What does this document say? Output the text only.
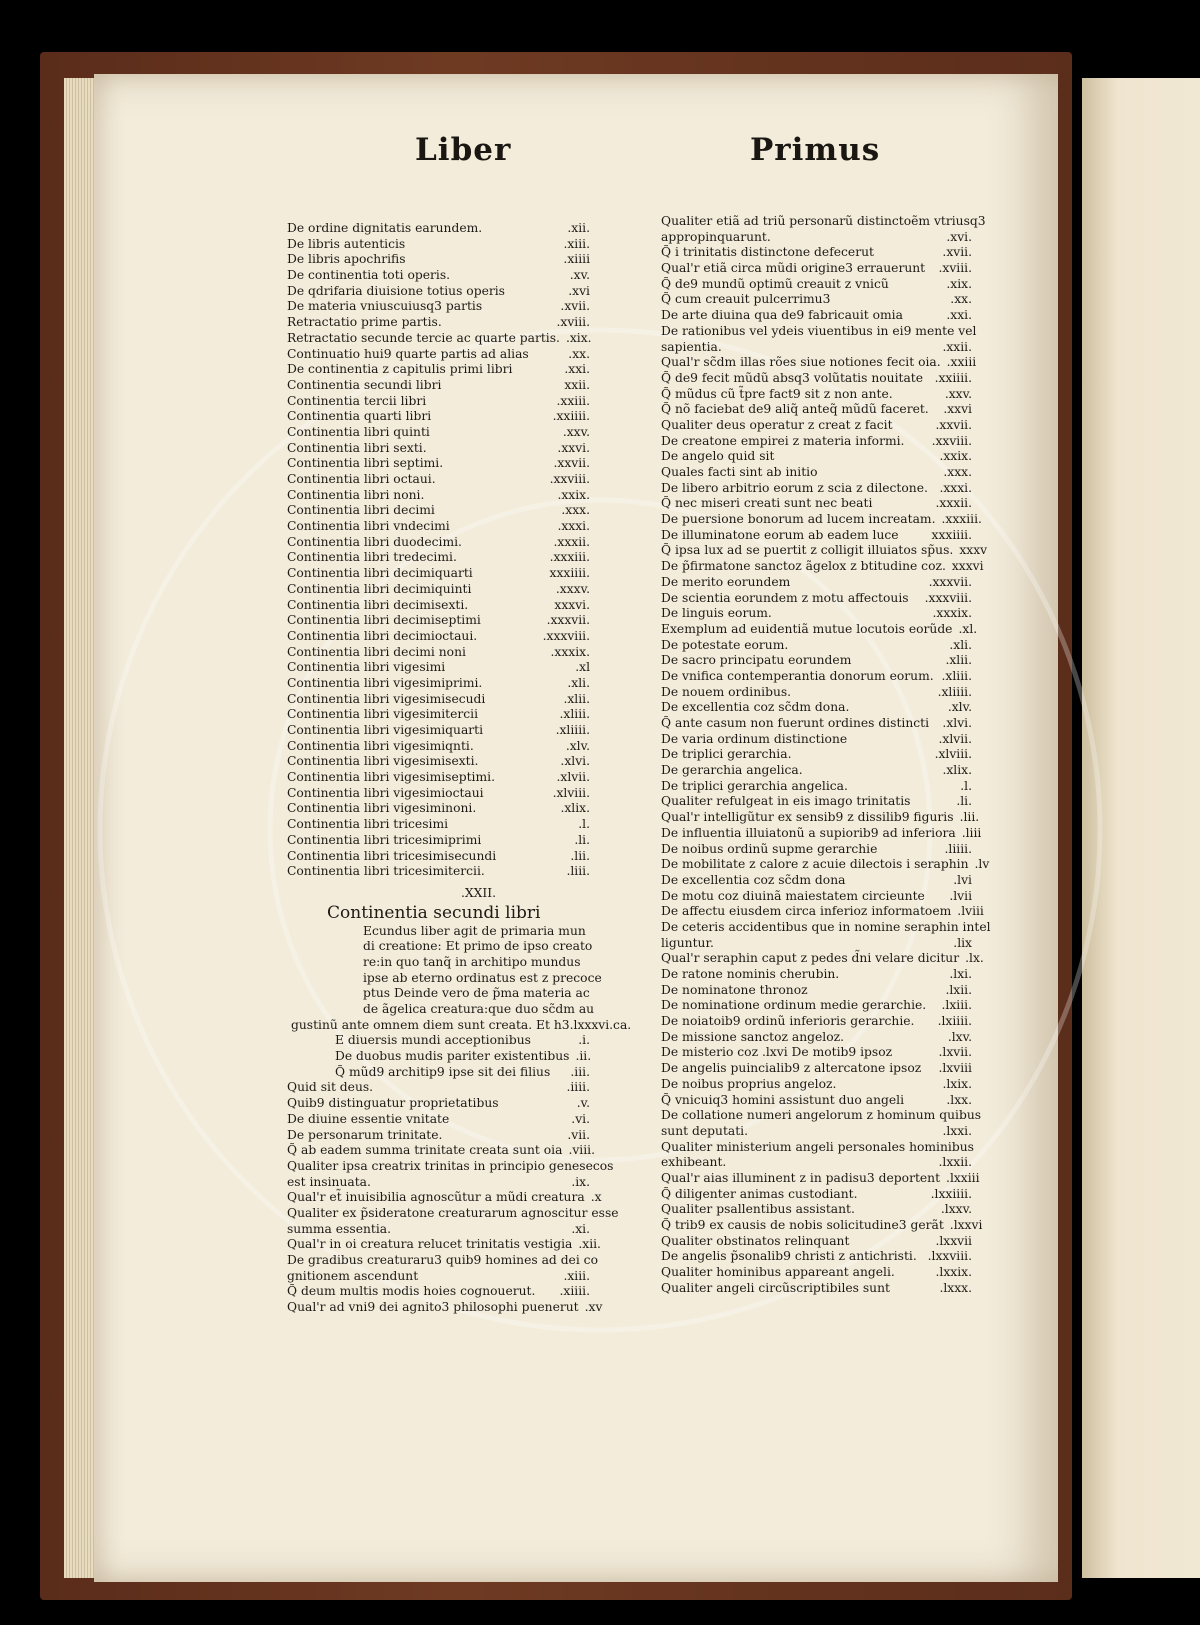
Liber	Primus
De ordine dignitatis earundem.	.xii.
De libris autenticis	.xiii.
De libris apochrifis	.xiiii
De continentia toti operis.	.xv.
De qdrifaria diuisione totius operis	.xvi
De materia vniuscuiusq3 partis	.xvii.
Retractatio prime partis.	.xviii.
Retractatio secunde tercie ac quarte partis. .xix.
Continuatio hui9 quarte partis ad alias	.xx.
De continentia z capitulis primi libri	.xxi.
Continentia secundi libri	xxii.
Continentia tercii libri	.xxiii.
Continentia quarti libri	.xxiiii.
Continentia libri quinti	.xxv.
Continentia libri sexti.	.xxvi.
Continentia libri septimi.	.xxvii.
Continentia libri octaui.	.xxviii.
Continentia libri noni.	.xxix.
Continentia libri decimi	.xxx.
Continentia libri vndecimi	.xxxi.
Continentia libri duodecimi.	.xxxii.
Continentia libri tredecimi.	.xxxiii.
Continentia libri decimiquarti	xxxiiii.
Continentia libri decimiquinti	.xxxv.
Continentia libri decimisexti.	xxxvi.
Continentia libri decimiseptimi	.xxxvii.
Continentia libri decimioctaui.	.xxxviii.
Continentia libri decimi noni	.xxxix.
Continentia libri vigesimi	.xl
Continentia libri vigesimiprimi.	.xli.
Continentia libri vigesimisecudi	.xlii.
Continentia libri vigesimitercii	.xliii.
Continentia libri vigesimiquarti	.xliiii.
Continentia libri vigesimiqnti.	.xlv.
Continentia libri vigesimisexti.	.xlvi.
Continentia libri vigesimiseptimi.	.xlvii.
Continentia libri vigesimioctaui	.xlviii.
Continentia libri vigesiminoni.	.xlix.
Continentia libri tricesimi	.l.
Continentia libri tricesimiprimi	.li.
Continentia libri tricesimisecundi	.lii.
Continentia libri tricesimitercii.	.liii.
.XXII.
Continentia secundi libri
Ecundus liber agit de primaria mun
di creatione: Et primo de ipso creato
re:in quo tanq̃ in architipo mundus
ipse ab eterno ordinatus est z precoce
ptus Deinde vero de p̃ma materia ac
de ãgelica creatura:que duo sc̃dm au
gustinũ ante omnem diem sunt creata. Et h3.lxxxvi.ca.
E diuersis mundi acceptionibus	.i.
De duobus mudis pariter existentibus .ii.
Q̃ mũd9 architip9 ipse sit dei filius	.iii.
Quid sit deus.	.iiii.
Quib9 distinguatur proprietatibus	.v.
De diuine essentie vnitate	.vi.
De personarum trinitate.	.vii.
Q̃ ab eadem summa trinitate creata sunt oia .viii.
Qualiter ipsa creatrix trinitas in principio genesecos
est insinuata.	.ix.
Qual'r et̃ inuisibilia agnoscũtur a mũdi creatura .x
Qualiter ex p̃sideratone creaturarum agnoscitur esse
summa essentia.	.xi.
Qual'r in oi creatura relucet trinitatis vestigia .xii.
De gradibus creaturaru3 quib9 homines ad dei co
gnitionem ascendunt	.xiii.
Q̃ deum multis modis hoies cognouerut.	.xiiii.
Qual'r ad vni9 dei agnito3 philosophi puenerut .xv
Qualiter etiã ad triũ personarũ distinctoẽm vtriusq3
appropinquarunt.	.xvi.
Q̃ i trinitatis distinctone defecerut	.xvii.
Qual'r etiã circa mũdi origine3 errauerunt	.xviii.
Q̃ de9 mundũ optimũ creauit z vnicũ	.xix.
Q̃ cum creauit pulcerrimu3	.xx.
De arte diuina qua de9 fabricauit omia	.xxi.
De rationibus vel ydeis viuentibus in ei9 mente vel
sapientia.	.xxii.
Qual'r sc̃dm illas rões siue notiones fecit oia. .xxiii
Q̃ de9 fecit mũdũ absq3 volũtatis nouitate .xxiiii.
Q̃ mũdus cũ t̃pre fact9 sit z non ante.	.xxv.
Q̃ nõ faciebat de9 aliq̃ anteq̃ mũdũ faceret.	.xxvi
Qualiter deus operatur z creat z facit	.xxvii.
De creatone empirei z materia informi.	.xxviii.
De angelo quid sit	.xxix.
Quales facti sint ab initio	.xxx.
De libero arbitrio eorum z scia z dilectone. .xxxi.
Q̃ nec miseri creati sunt nec beati	.xxxii.
De puersione bonorum ad lucem increatam. .xxxiii.
De illuminatone eorum ab eadem luce	xxxiiii.
Q̃ ipsa lux ad se puertit z colligit illuiatos sp̃us. xxxv
De p̃firmatone sanctoz ãgelox z btitudine coz. xxxvi
De merito eorundem	.xxxvii.
De scientia eorundem z motu affectouis	.xxxviii.
De linguis eorum.	.xxxix.
Exemplum ad euidentiã mutue locutois eorũde .xl.
De potestate eorum.	.xli.
De sacro principatu eorundem	.xlii.
De vnifica contemperantia donorum eorum. .xliii.
De nouem ordinibus.	.xliiii.
De excellentia coz sc̃dm dona.	.xlv.
Q̃ ante casum non fuerunt ordines distincti	.xlvi.
De varia ordinum distinctione	.xlvii.
De triplici gerarchia.	.xlviii.
De gerarchia angelica.	.xlix.
De triplici gerarchia angelica.	.l.
Qualiter refulgeat in eis imago trinitatis	.li.
Qual'r intelligũtur ex sensib9 z dissilib9 figuris .lii.
De influentia illuiatonũ a supiorib9 ad inferiora .liii
De noibus ordinũ supme gerarchie	.liiii.
De mobilitate z calore z acuie dilectois i seraphin .lv
De excellentia coz sc̃dm dona	.lvi
De motu coz diuinã maiestatem circieunte	.lvii
De affectu eiusdem circa inferioz informatoem .lviii
De ceteris accidentibus que in nomine seraphin intel
liguntur.	.lix
Qual'r seraphin caput z pedes d̃ni velare dicitur .lx.
De ratone nominis cherubin.	.lxi.
De nominatone thronoz	.lxii.
De nominatione ordinum medie gerarchie.	.lxiii.
De noiatoib9 ordinũ inferioris gerarchie.	.lxiiii.
De missione sanctoz angeloz.	.lxv.
De misterio coz .lxvi De motib9 ipsoz	.lxvii.
De angelis puincialib9 z altercatone ipsoz	.lxviii
De noibus proprius angeloz.	.lxix.
Q̃ vnicuiq3 homini assistunt duo angeli	.lxx.
De collatione numeri angelorum z hominum quibus
sunt deputati.	.lxxi.
Qualiter ministerium angeli personales hominibus
exhibeant.	.lxxii.
Qual'r aias illuminent z in padisu3 deportent .lxxiii
Q̃ diligenter animas custodiant.	.lxxiiii.
Qualiter psallentibus assistant.	.lxxv.
Q̃ trib9 ex causis de nobis solicitudine3 gerãt .lxxvi
Qualiter obstinatos relinquant	.lxxvii
De angelis p̃sonalib9 christi z antichristi. .lxxviii.
Qualiter hominibus appareant angeli.	.lxxix.
Qualiter angeli circũscriptibiles sunt	.lxxx.
